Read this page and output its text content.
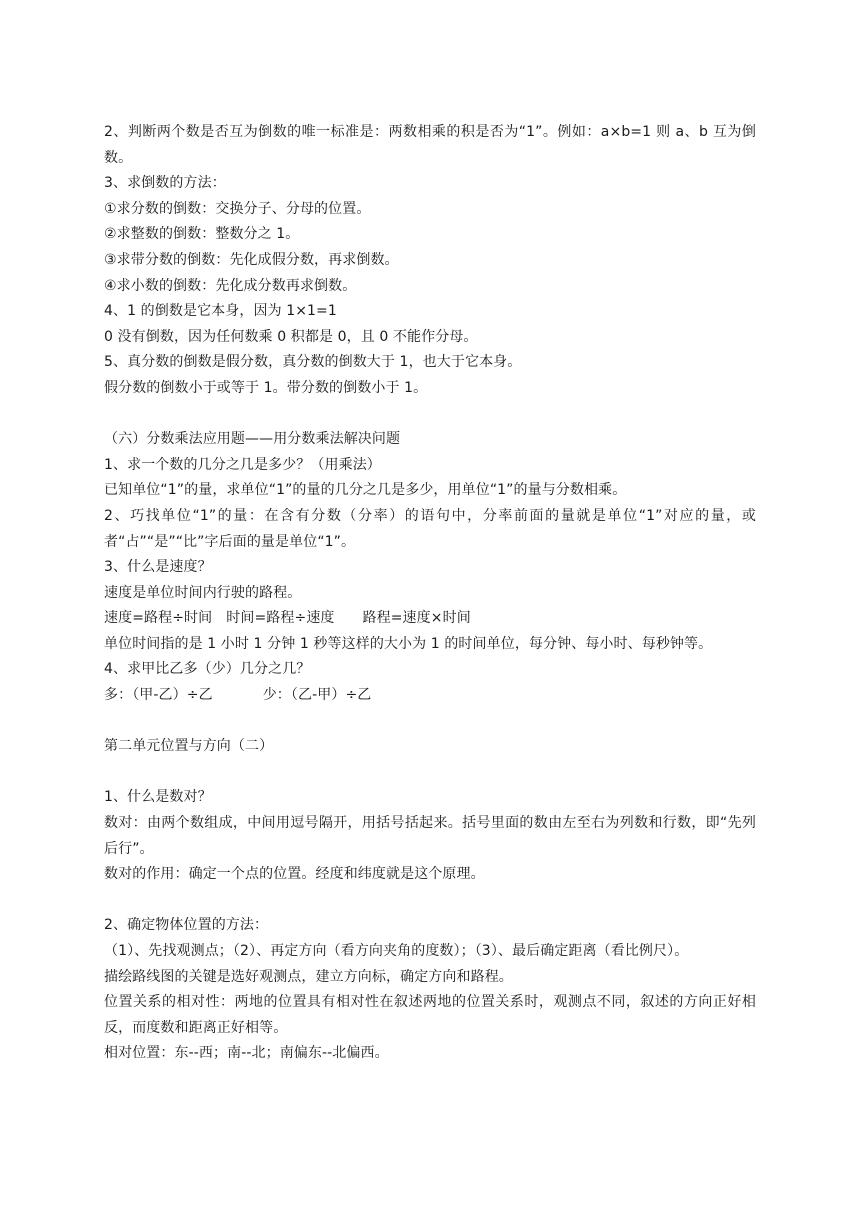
2、判断两个数是否互为倒数的唯一标准是：两数相乘的积是否为“1”。例如：a×b=1 则 a、b 互为倒数。
3、求倒数的方法：
①求分数的倒数：交换分子、分母的位置。
②求整数的倒数：整数分之 1。
③求带分数的倒数：先化成假分数，再求倒数。
④求小数的倒数：先化成分数再求倒数。
4、1 的倒数是它本身，因为 1×1=1
0 没有倒数，因为任何数乘 0 积都是 0，且 0 不能作分母。
5、真分数的倒数是假分数，真分数的倒数大于 1，也大于它本身。
假分数的倒数小于或等于 1。带分数的倒数小于 1。
（六）分数乘法应用题——用分数乘法解决问题
1、求一个数的几分之几是多少？（用乘法）
已知单位“1”的量，求单位“1”的量的几分之几是多少，用单位“1”的量与分数相乘。
2、巧找单位“1”的量：在含有分数（分率）的语句中，分率前面的量就是单位“1”对应的量，或者“占”“是”“比”字后面的量是单位“1”。
3、什么是速度？
速度是单位时间内行驶的路程。
速度=路程÷时间 时间=路程÷速度 路程=速度×时间
单位时间指的是 1 小时 1 分钟 1 秒等这样的大小为 1 的时间单位，每分钟、每小时、每秒钟等。
4、求甲比乙多（少）几分之几？
多：（甲-乙）÷乙	少：（乙-甲）÷乙
第二单元位置与方向（二）
1、什么是数对？
数对：由两个数组成，中间用逗号隔开，用括号括起来。括号里面的数由左至右为列数和行数，即“先列后行”。
数对的作用：确定一个点的位置。经度和纬度就是这个原理。
2、确定物体位置的方法：
（1）、先找观测点；（2）、再定方向（看方向夹角的度数）；（3）、最后确定距离（看比例尺）。
描绘路线图的关键是选好观测点，建立方向标，确定方向和路程。
位置关系的相对性：两地的位置具有相对性在叙述两地的位置关系时，观测点不同，叙述的方向正好相反，而度数和距离正好相等。
相对位置：东--西；南--北；南偏东--北偏西。
